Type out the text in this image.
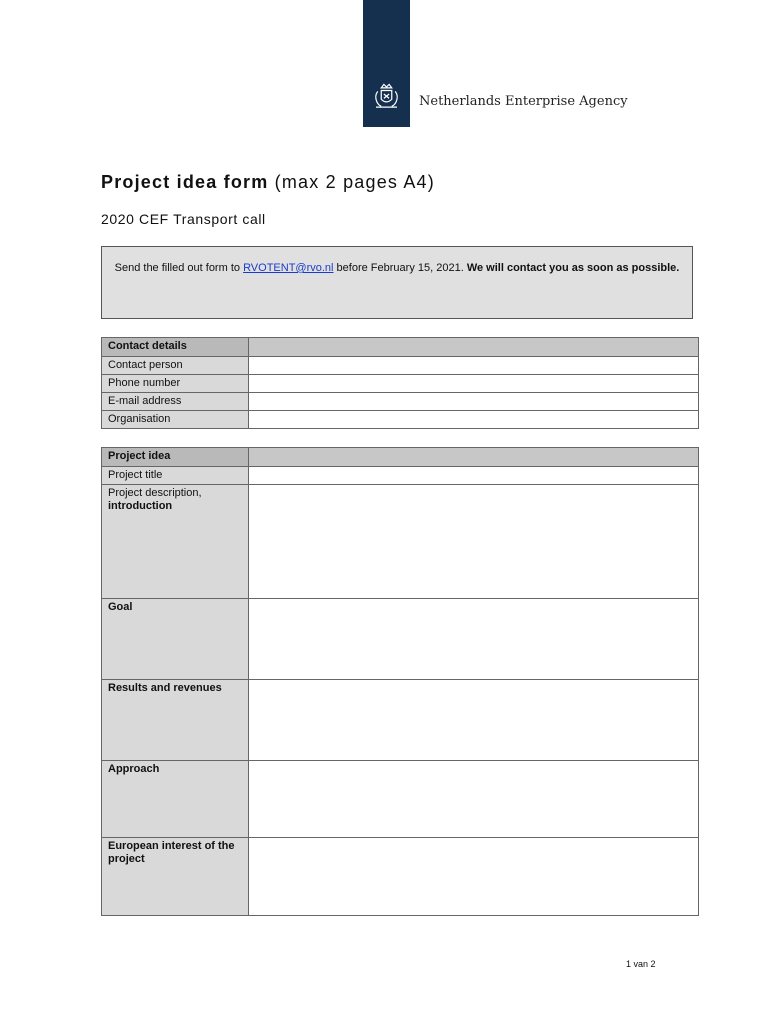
Netherlands Enterprise Agency
Project idea form (max 2 pages A4)
2020 CEF Transport call
Send the filled out form to RVOTENT@rvo.nl before February 15, 2021. We will contact you as soon as possible.
Contact details	
Contact person	
Phone number	
E-mail address	
Organisation	
Project idea	
Project title	
Project description,
introduction	
Goal	
Results and revenues	
Approach	
European interest of the project	
1 van 2
